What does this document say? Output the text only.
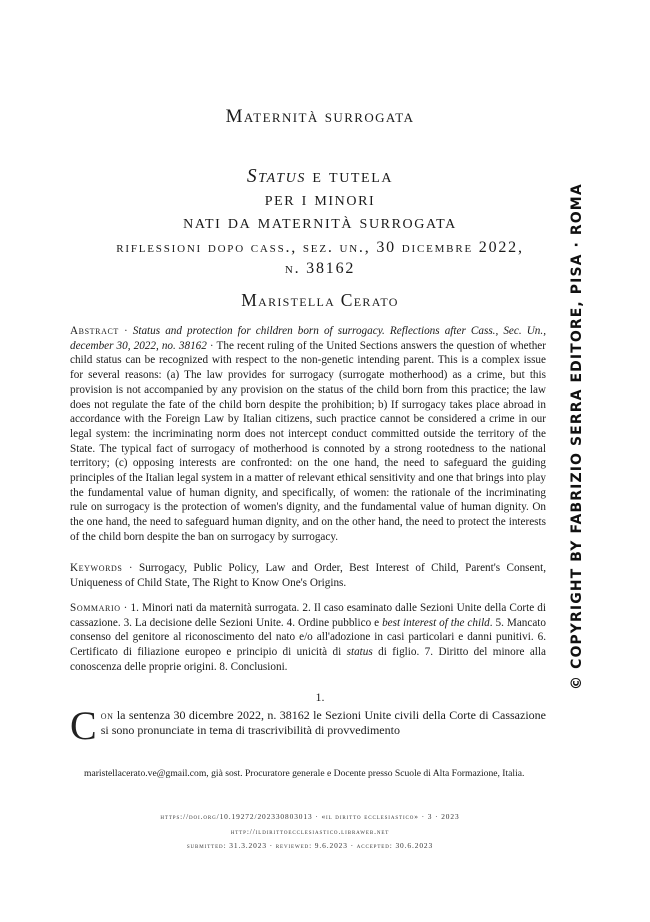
Maternità surrogata
Status e tutela
per i minori
nati da maternità surrogata
riflessioni dopo cass., sez. un., 30 dicembre 2022,
n. 38162
Maristella Cerato
Abstract · Status and protection for children born of surrogacy. Reflections after Cass., Sec. Un., december 30, 2022, no. 38162 · The recent ruling of the United Sections answers the question of whether child status can be recognized with respect to the non-genetic intending parent. This is a complex issue for several reasons: (a) The law provides for surrogacy (surrogate motherhood) as a crime, but this provision is not accompanied by any provision on the status of the child born from this practice; the law does not regulate the fate of the child born despite the prohibition; b) If surrogacy takes place abroad in accordance with the Foreign Law by Italian citizens, such practice cannot be considered a crime in our legal system: the incriminating norm does not intercept conduct committed outside the territory of the State. The typical fact of surrogacy of motherhood is connoted by a strong rootedness to the national territory; (c) opposing interests are confronted: on the one hand, the need to safeguard the guiding principles of the Italian legal system in a matter of relevant ethical sensitivity and one that brings into play the fundamental value of human dignity, and specifically, of women: the rationale of the incriminating rule on surrogacy is the protection of women's dignity, and the fundamental value of human dignity. On the one hand, the need to safeguard human dignity, and on the other hand, the need to protect the interests of the child born despite the ban on surrogacy by surrogacy.
Keywords · Surrogacy, Public Policy, Law and Order, Best Interest of Child, Parent's Consent, Uniqueness of Child State, The Right to Know One's Origins.
Sommario · 1. Minori nati da maternità surrogata. 2. Il caso esaminato dalle Sezioni Unite della Corte di cassazione. 3. La decisione delle Sezioni Unite. 4. Ordine pubblico e best interest of the child. 5. Mancato consenso del genitore al riconoscimento del nato e/o all'adozione in casi particolari e danni punitivi. 6. Certificato di filiazione europeo e principio di unicità di status di figlio. 7. Diritto del minore alla conoscenza delle proprie origini. 8. Conclusioni.
1.
Con la sentenza 30 dicembre 2022, n. 38162 le Sezioni Unite civili della Corte di Cassazione si sono pronunciate in tema di trascrivibilità di provvedimento
maristellacerato.ve@gmail.com, già sost. Procuratore generale e Docente presso Scuole di Alta Formazione, Italia.
https://doi.org/10.19272/202330803013 · «il diritto ecclesiastico» · 3 · 2023
http://ildirittoecclesiastico.libraweb.net
submitted: 31.3.2023 · reviewed: 9.6.2023 · accepted: 30.6.2023
© COPYRIGHT BY FABRIZIO SERRA EDITORE, PISA · ROMA
